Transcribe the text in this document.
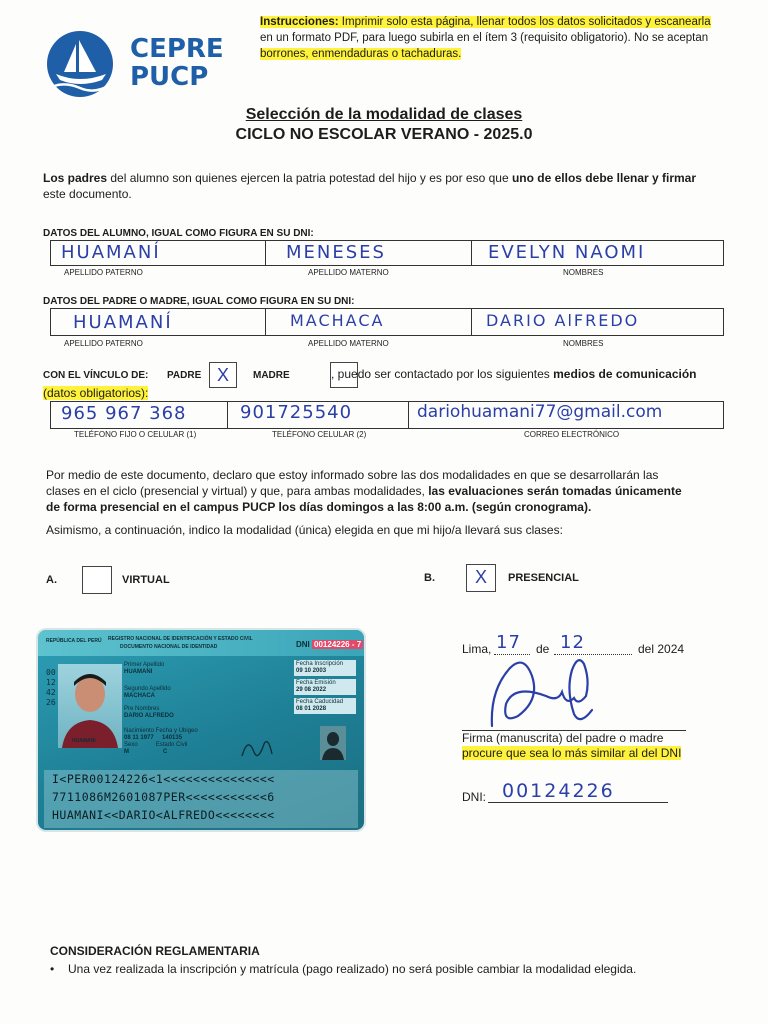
CEPRE
PUCP
Instrucciones: Imprimir solo esta página, llenar todos los datos solicitados y escanearla
en un formato PDF, para luego subirla en el ítem 3 (requisito obligatorio). No se aceptan
borrones, enmendaduras o tachaduras.
Selección de la modalidad de clases
CICLO NO ESCOLAR VERANO - 2025.0
Los padres del alumno son quienes ejercen la patria potestad del hijo y es por eso que uno de ellos debe llenar y firmar
este documento.
DATOS DEL ALUMNO, IGUAL COMO FIGURA EN SU DNI:
HUAMANÍ	MENESES	EVELYN NAOMI
APELLIDO PATERNO	APELLIDO MATERNO	NOMBRES
DATOS DEL PADRE O MADRE, IGUAL COMO FIGURA EN SU DNI:
HUAMANÍ	MACHACA	DARIO AlFREDO
APELLIDO PATERNO	APELLIDO MATERNO	NOMBRES
CON EL VÍNCULO DE: PADRE X
	MADRE	, puedo ser contactado por los siguientes medios de comunicación
(datos obligatorios):
965 967 368	901725540	dariohuamani77@gmail.com
TELÉFONO FIJO O CELULAR (1)	TELÉFONO CELULAR (2)	CORREO ELECTRÓNICO
Por medio de este documento, declaro que estoy informado sobre las dos modalidades en que se desarrollarán las
clases en el ciclo (presencial y virtual) y que, para ambas modalidades, las evaluaciones serán tomadas únicamente
de forma presencial en el campus PUCP los días domingos a las 8:00 a.m. (según cronograma).
Asimismo, a continuación, indico la modalidad (única) elegida en que mi hijo/a llevará sus clases:
A.	VIRTUAL	B.	X	PRESENCIAL
REPÚBLICA DEL PERÚ REGISTRO NACIONAL DE IDENTIFICACIÓN Y ESTADO CIVIL
DOCUMENTO NACIONAL DE IDENTIDAD	DNI 00124226 - 7
00124226
HUAMANI
Primer Apellido
HUAMANI
Segundo Apellido
MACHACA
Pre Nombres
DARIO ALFREDO
Nacimiento Fecha y Ubigeo
08 11 1977     140135
Sexo	Estado Civil
M	C
Fecha Inscripción
09 10 2003
Fecha Emisión
29 08 2022
Fecha Caducidad
08 01 2028
I<PER00124226<1<<<<<<<<<<<<<<<
7711086M2601087PER<<<<<<<<<<<6
HUAMANI<<DARIO<ALFREDO<<<<<<<<
Lima, 17 de 12	del 2024
Firma (manuscrita) del padre o madre
procure que sea lo más similar al del DNI
DNI: 00124226
CONSIDERACIÓN REGLAMENTARIA
• Una vez realizada la inscripción y matrícula (pago realizado) no será posible cambiar la modalidad elegida.
